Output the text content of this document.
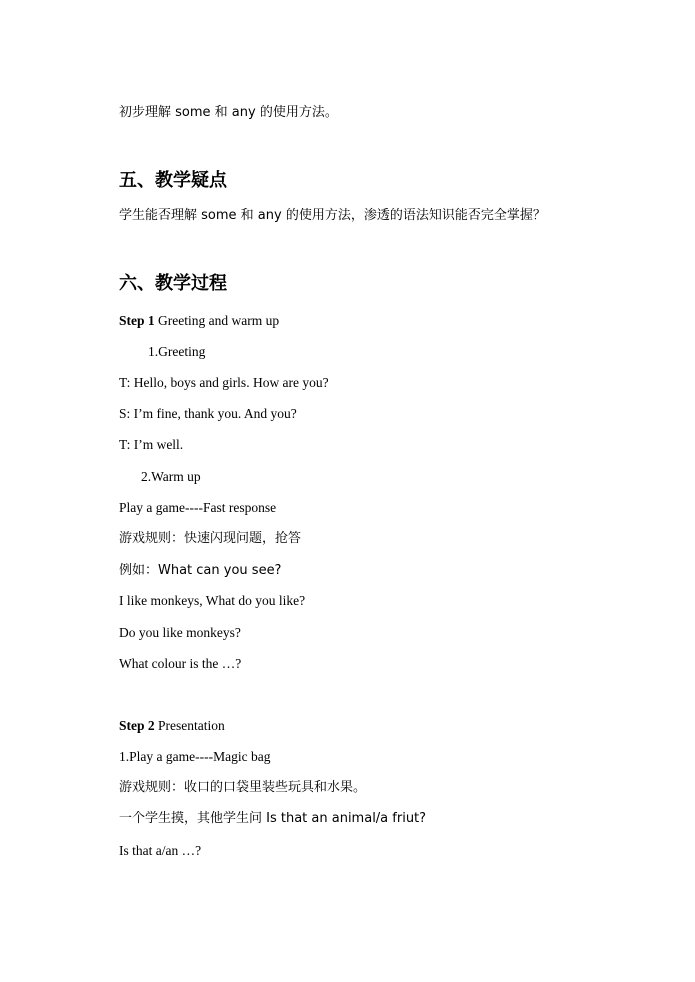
初步理解 some 和 any 的使用方法。
五、教学疑点
学生能否理解 some 和 any 的使用方法，渗透的语法知识能否完全掌握？
六、教学过程
Step 1 Greeting and warm up
1.Greeting
T: Hello, boys and girls. How are you?
S: I’m fine, thank you. And you?
T: I’m well.
2.Warm up
Play a game----Fast response
游戏规则：快速闪现问题，抢答
例如：What can you see?
I like monkeys, What do you like?
Do you like monkeys?
What colour is the …?
Step 2 Presentation
1.Play a game----Magic bag
游戏规则：收口的口袋里装些玩具和水果。
一个学生摸，其他学生问 Is that an animal/a friut?
Is that a/an …?
